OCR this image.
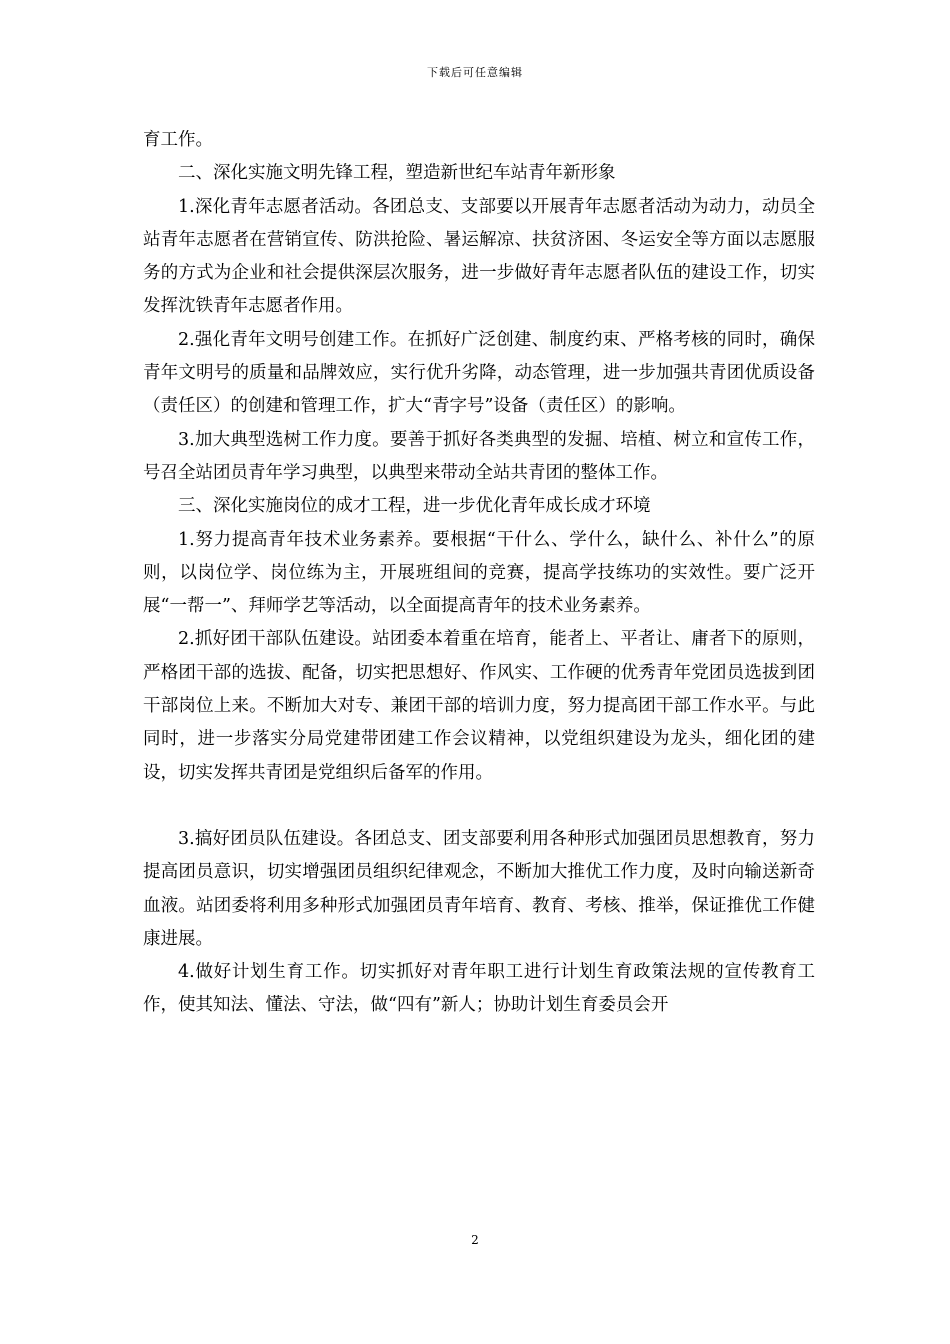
下载后可任意编辑

育工作。

二、深化实施文明先锋工程，塑造新世纪车站青年新形象

1.深化青年志愿者活动。各团总支、支部要以开展青年志愿者活动为动力，动员全站青年志愿者在营销宣传、防洪抢险、暑运解凉、扶贫济困、冬运安全等方面以志愿服务的方式为企业和社会提供深层次服务，进一步做好青年志愿者队伍的建设工作，切实发挥沈铁青年志愿者作用。

2.强化青年文明号创建工作。在抓好广泛创建、制度约束、严格考核的同时，确保青年文明号的质量和品牌效应，实行优升劣降，动态管理，进一步加强共青团优质设备（责任区）的创建和管理工作，扩大“青字号”设备（责任区）的影响。

3.加大典型选树工作力度。要善于抓好各类典型的发掘、培植、树立和宣传工作，号召全站团员青年学习典型，以典型来带动全站共青团的整体工作。

三、深化实施岗位的成才工程，进一步优化青年成长成才环境

1.努力提高青年技术业务素养。要根据“干什么、学什么，缺什么、补什么”的原则，以岗位学、岗位练为主，开展班组间的竞赛，提高学技练功的实效性。要广泛开展“一帮一”、拜师学艺等活动，以全面提高青年的技术业务素养。

2.抓好团干部队伍建设。站团委本着重在培育，能者上、平者让、庸者下的原则，严格团干部的选拔、配备，切实把思想好、作风实、工作硬的优秀青年党团员选拔到团干部岗位上来。不断加大对专、兼团干部的培训力度，努力提高团干部工作水平。与此同时，进一步落实分局党建带团建工作会议精神，以党组织建设为龙头，细化团的建设，切实发挥共青团是党组织后备军的作用。

3.搞好团员队伍建设。各团总支、团支部要利用各种形式加强团员思想教育，努力提高团员意识，切实增强团员组织纪律观念，不断加大推优工作力度，及时向输送新奇血液。站团委将利用多种形式加强团员青年培育、教育、考核、推举，保证推优工作健康进展。

4.做好计划生育工作。切实抓好对青年职工进行计划生育政策法规的宣传教育工作，使其知法、懂法、守法，做“四有”新人；协助计划生育委员会开

2
